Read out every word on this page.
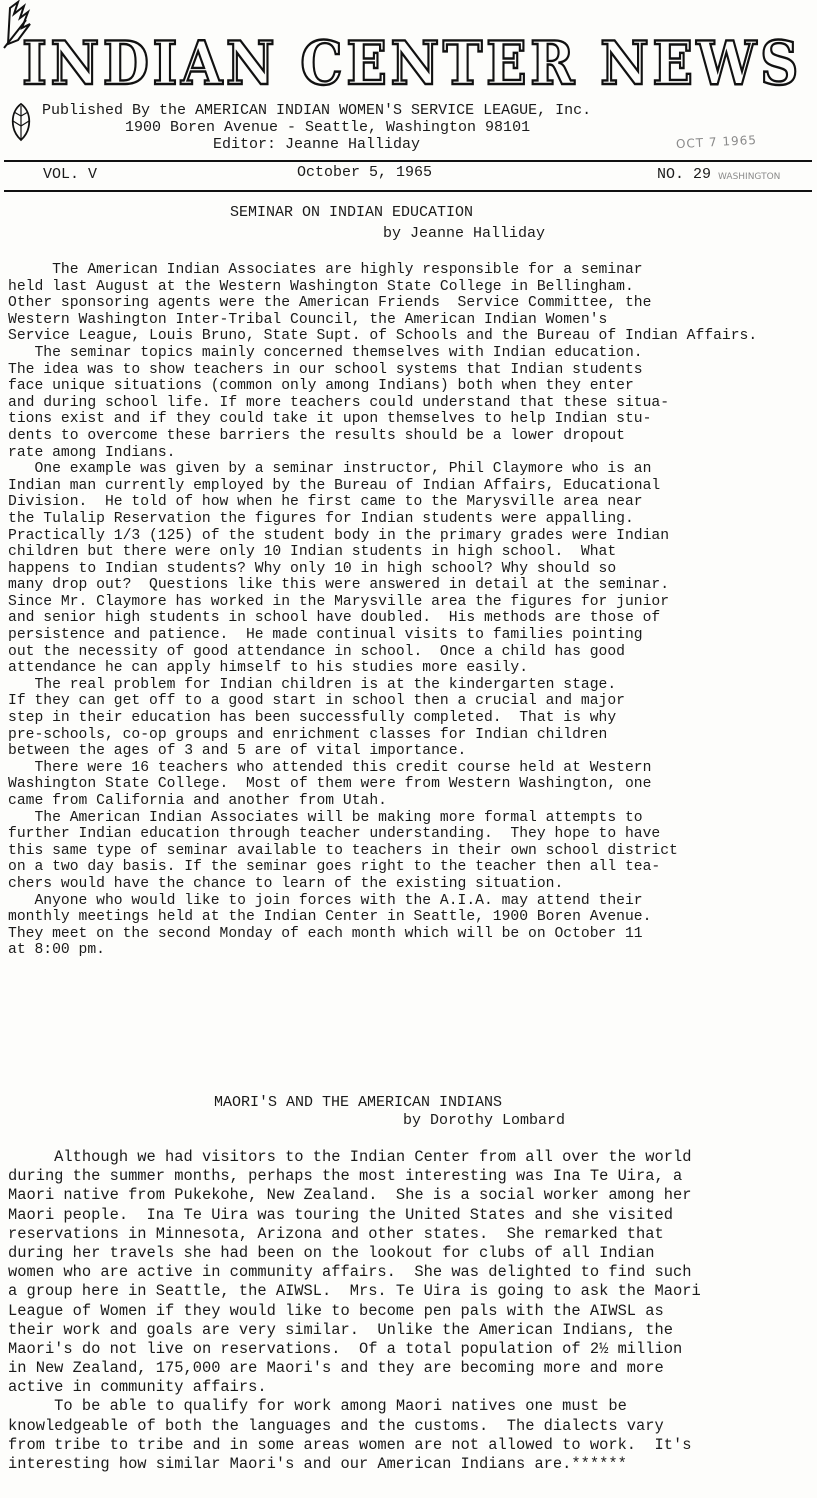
INDIAN CENTER NEWS
Published By the AMERICAN INDIAN WOMEN'S SERVICE LEAGUE, Inc.
1900 Boren Avenue - Seattle, Washington 98101
Editor: Jeanne Halliday	OCT 7 1965
VOL. V	October 5, 1965	NO. 29 WASHINGTON
SEMINAR ON INDIAN EDUCATION
by Jeanne Halliday
The American Indian Associates are highly responsible for a seminar
held last August at the Western Washington State College in Bellingham.
Other sponsoring agents were the American Friends  Service Committee, the
Western Washington Inter-Tribal Council, the American Indian Women's
Service League, Louis Bruno, State Supt. of Schools and the Bureau of Indian Affairs.
The seminar topics mainly concerned themselves with Indian education.
The idea was to show teachers in our school systems that Indian students
face unique situations (common only among Indians) both when they enter
and during school life. If more teachers could understand that these situa-
tions exist and if they could take it upon themselves to help Indian stu-
dents to overcome these barriers the results should be a lower dropout
rate among Indians.
One example was given by a seminar instructor, Phil Claymore who is an
Indian man currently employed by the Bureau of Indian Affairs, Educational
Division.  He told of how when he first came to the Marysville area near
the Tulalip Reservation the figures for Indian students were appalling.
Practically 1/3 (125) of the student body in the primary grades were Indian
children but there were only 10 Indian students in high school.  What
happens to Indian students? Why only 10 in high school? Why should so
many drop out?  Questions like this were answered in detail at the seminar.
Since Mr. Claymore has worked in the Marysville area the figures for junior
and senior high students in school have doubled.  His methods are those of
persistence and patience.  He made continual visits to families pointing
out the necessity of good attendance in school.  Once a child has good
attendance he can apply himself to his studies more easily.
The real problem for Indian children is at the kindergarten stage.
If they can get off to a good start in school then a crucial and major
step in their education has been successfully completed.  That is why
pre-schools, co-op groups and enrichment classes for Indian children
between the ages of 3 and 5 are of vital importance.
There were 16 teachers who attended this credit course held at Western
Washington State College.  Most of them were from Western Washington, one
came from California and another from Utah.
The American Indian Associates will be making more formal attempts to
further Indian education through teacher understanding.  They hope to have
this same type of seminar available to teachers in their own school district
on a two day basis. If the seminar goes right to the teacher then all tea-
chers would have the chance to learn of the existing situation.
Anyone who would like to join forces with the A.I.A. may attend their
monthly meetings held at the Indian Center in Seattle, 1900 Boren Avenue.
They meet on the second Monday of each month which will be on October 11
at 8:00 pm.
MAORI'S AND THE AMERICAN INDIANS
by Dorothy Lombard
Although we had visitors to the Indian Center from all over the world
during the summer months, perhaps the most interesting was Ina Te Uira, a
Maori native from Pukekohe, New Zealand.  She is a social worker among her
Maori people.  Ina Te Uira was touring the United States and she visited
reservations in Minnesota, Arizona and other states.  She remarked that
during her travels she had been on the lookout for clubs of all Indian
women who are active in community affairs.  She was delighted to find such
a group here in Seattle, the AIWSL.  Mrs. Te Uira is going to ask the Maori
League of Women if they would like to become pen pals with the AIWSL as
their work and goals are very similar.  Unlike the American Indians, the
Maori's do not live on reservations.  Of a total population of 2½ million
in New Zealand, 175,000 are Maori's and they are becoming more and more
active in community affairs.
To be able to qualify for work among Maori natives one must be
knowledgeable of both the languages and the customs.  The dialects vary
from tribe to tribe and in some areas women are not allowed to work.  It's
interesting how similar Maori's and our American Indians are.******
